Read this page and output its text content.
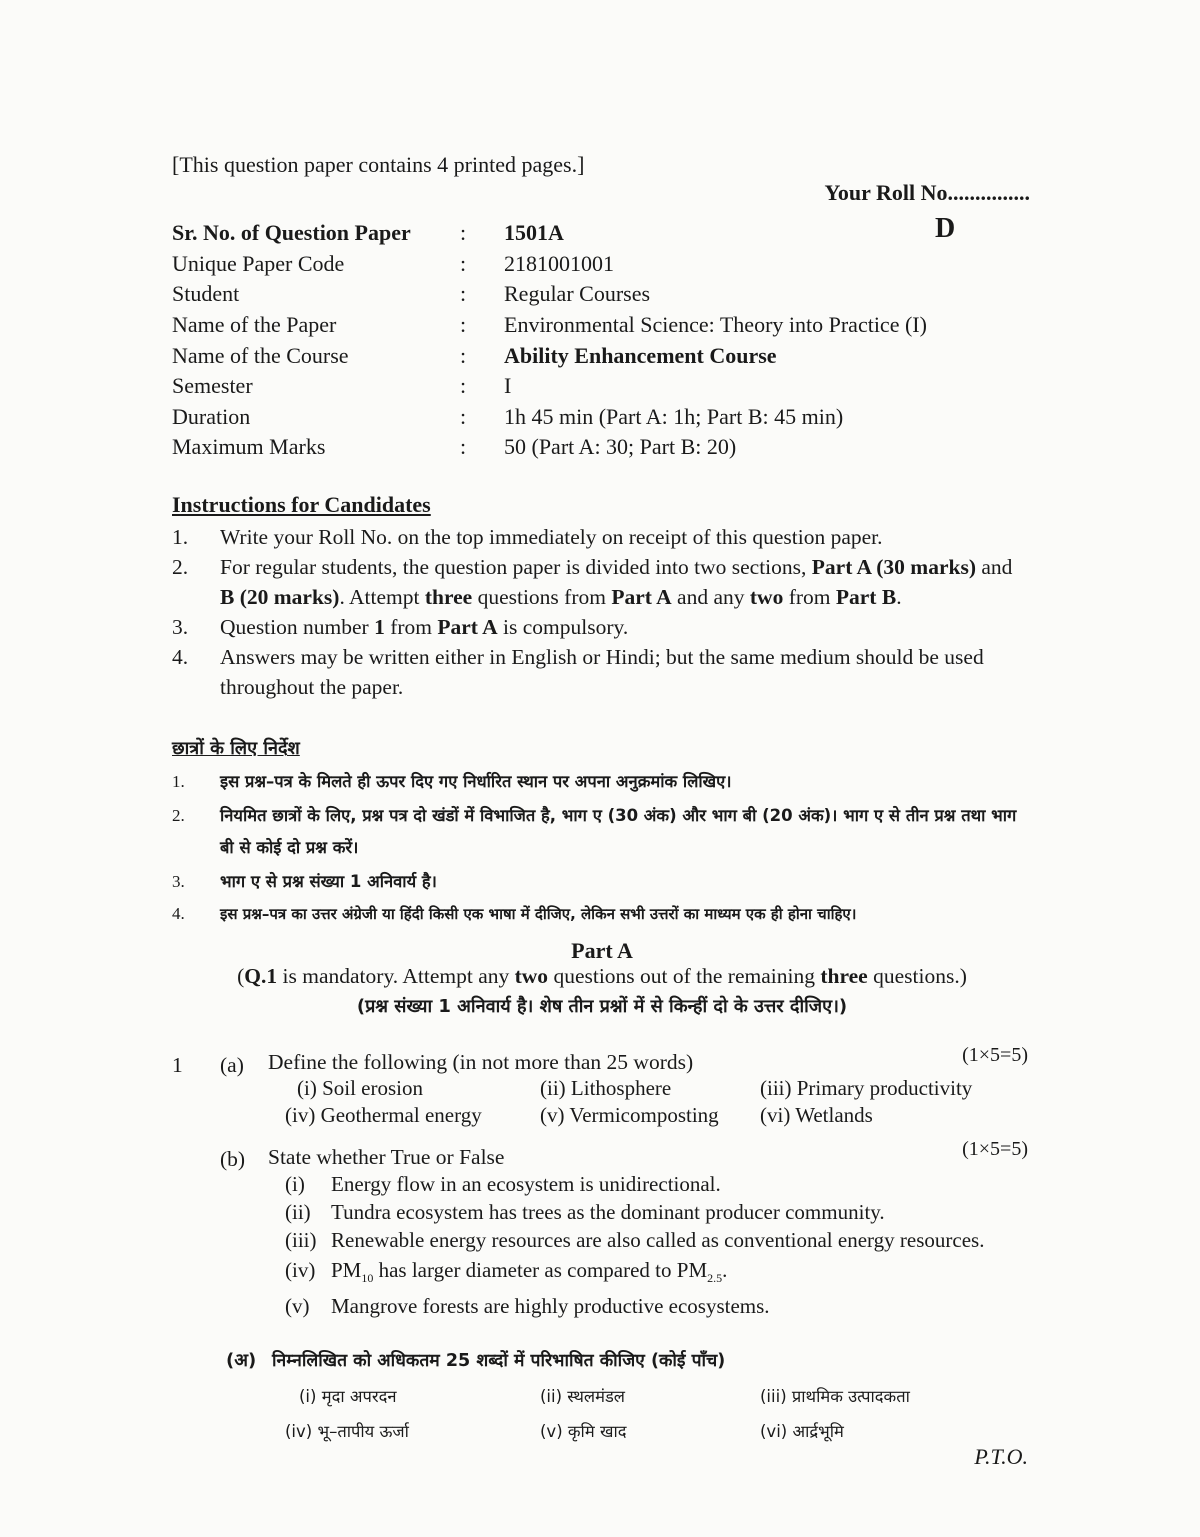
[This question paper contains 4 printed pages.]
Your Roll No...............
D
Sr. No. of Question Paper	:	1501A
Unique Paper Code	:	2181001001
Student	:	Regular Courses
Name of the Paper	:	Environmental Science: Theory into Practice (I)
Name of the Course	:	Ability Enhancement Course
Semester	:	I
Duration	:	1h 45 min (Part A: 1h; Part B: 45 min)
Maximum Marks	:	50 (Part A: 30; Part B: 20)
Instructions for Candidates
1.	Write your Roll No. on the top immediately on receipt of this question paper.
2.	For regular students, the question paper is divided into two sections, Part A (30 marks) and B (20 marks). Attempt three questions from Part A and any two from Part B.
3.	Question number 1 from Part A is compulsory.
4.	Answers may be written either in English or Hindi; but the same medium should be used throughout the paper.
छात्रों के लिए निर्देश
1.	इस प्रश्न–पत्र के मिलते ही ऊपर दिए गए निर्धारित स्थान पर अपना अनुक्रमांक लिखिए।
2.	नियमित छात्रों के लिए, प्रश्न पत्र दो खंडों में विभाजित है, भाग ए (30 अंक) और भाग बी (20 अंक)। भाग ए से तीन प्रश्न तथा भाग बी से कोई दो प्रश्न करें।
3.	भाग ए से प्रश्न संख्या 1 अनिवार्य है।
4.	इस प्रश्न–पत्र का उत्तर अंग्रेजी या हिंदी किसी एक भाषा में दीजिए, लेकिन सभी उत्तरों का माध्यम एक ही होना चाहिए।
Part A
(Q.1 is mandatory. Attempt any two questions out of the remaining three questions.)
(प्रश्न संख्या 1 अनिवार्य है। शेष तीन प्रश्नों में से किन्हीं दो के उत्तर दीजिए।)
1 (a) Define the following (in not more than 25 words)	(1×5=5)
(i) Soil erosion	(ii) Lithosphere	(iii) Primary productivity
(iv) Geothermal energy	(v) Vermicomposting	(vi) Wetlands
(b) State whether True or False	(1×5=5)
(i)	Energy flow in an ecosystem is unidirectional.
(ii) Tundra ecosystem has trees as the dominant producer community.
(iii) Renewable energy resources are also called as conventional energy resources.
(iv) $PM_{10}$ has larger diameter as compared to $PM_{2.5}$.
(v)	Mangrove forests are highly productive ecosystems.
(अ) निम्नलिखित को अधिकतम 25 शब्दों में परिभाषित कीजिए (कोई पाँच)
(i) मृदा अपरदन	(ii) स्थलमंडल	(iii) प्राथमिक उत्पादकता
(iv) भू–तापीय ऊर्जा	(v) कृमि खाद	(vi) आर्द्रभूमि
P.T.O.
